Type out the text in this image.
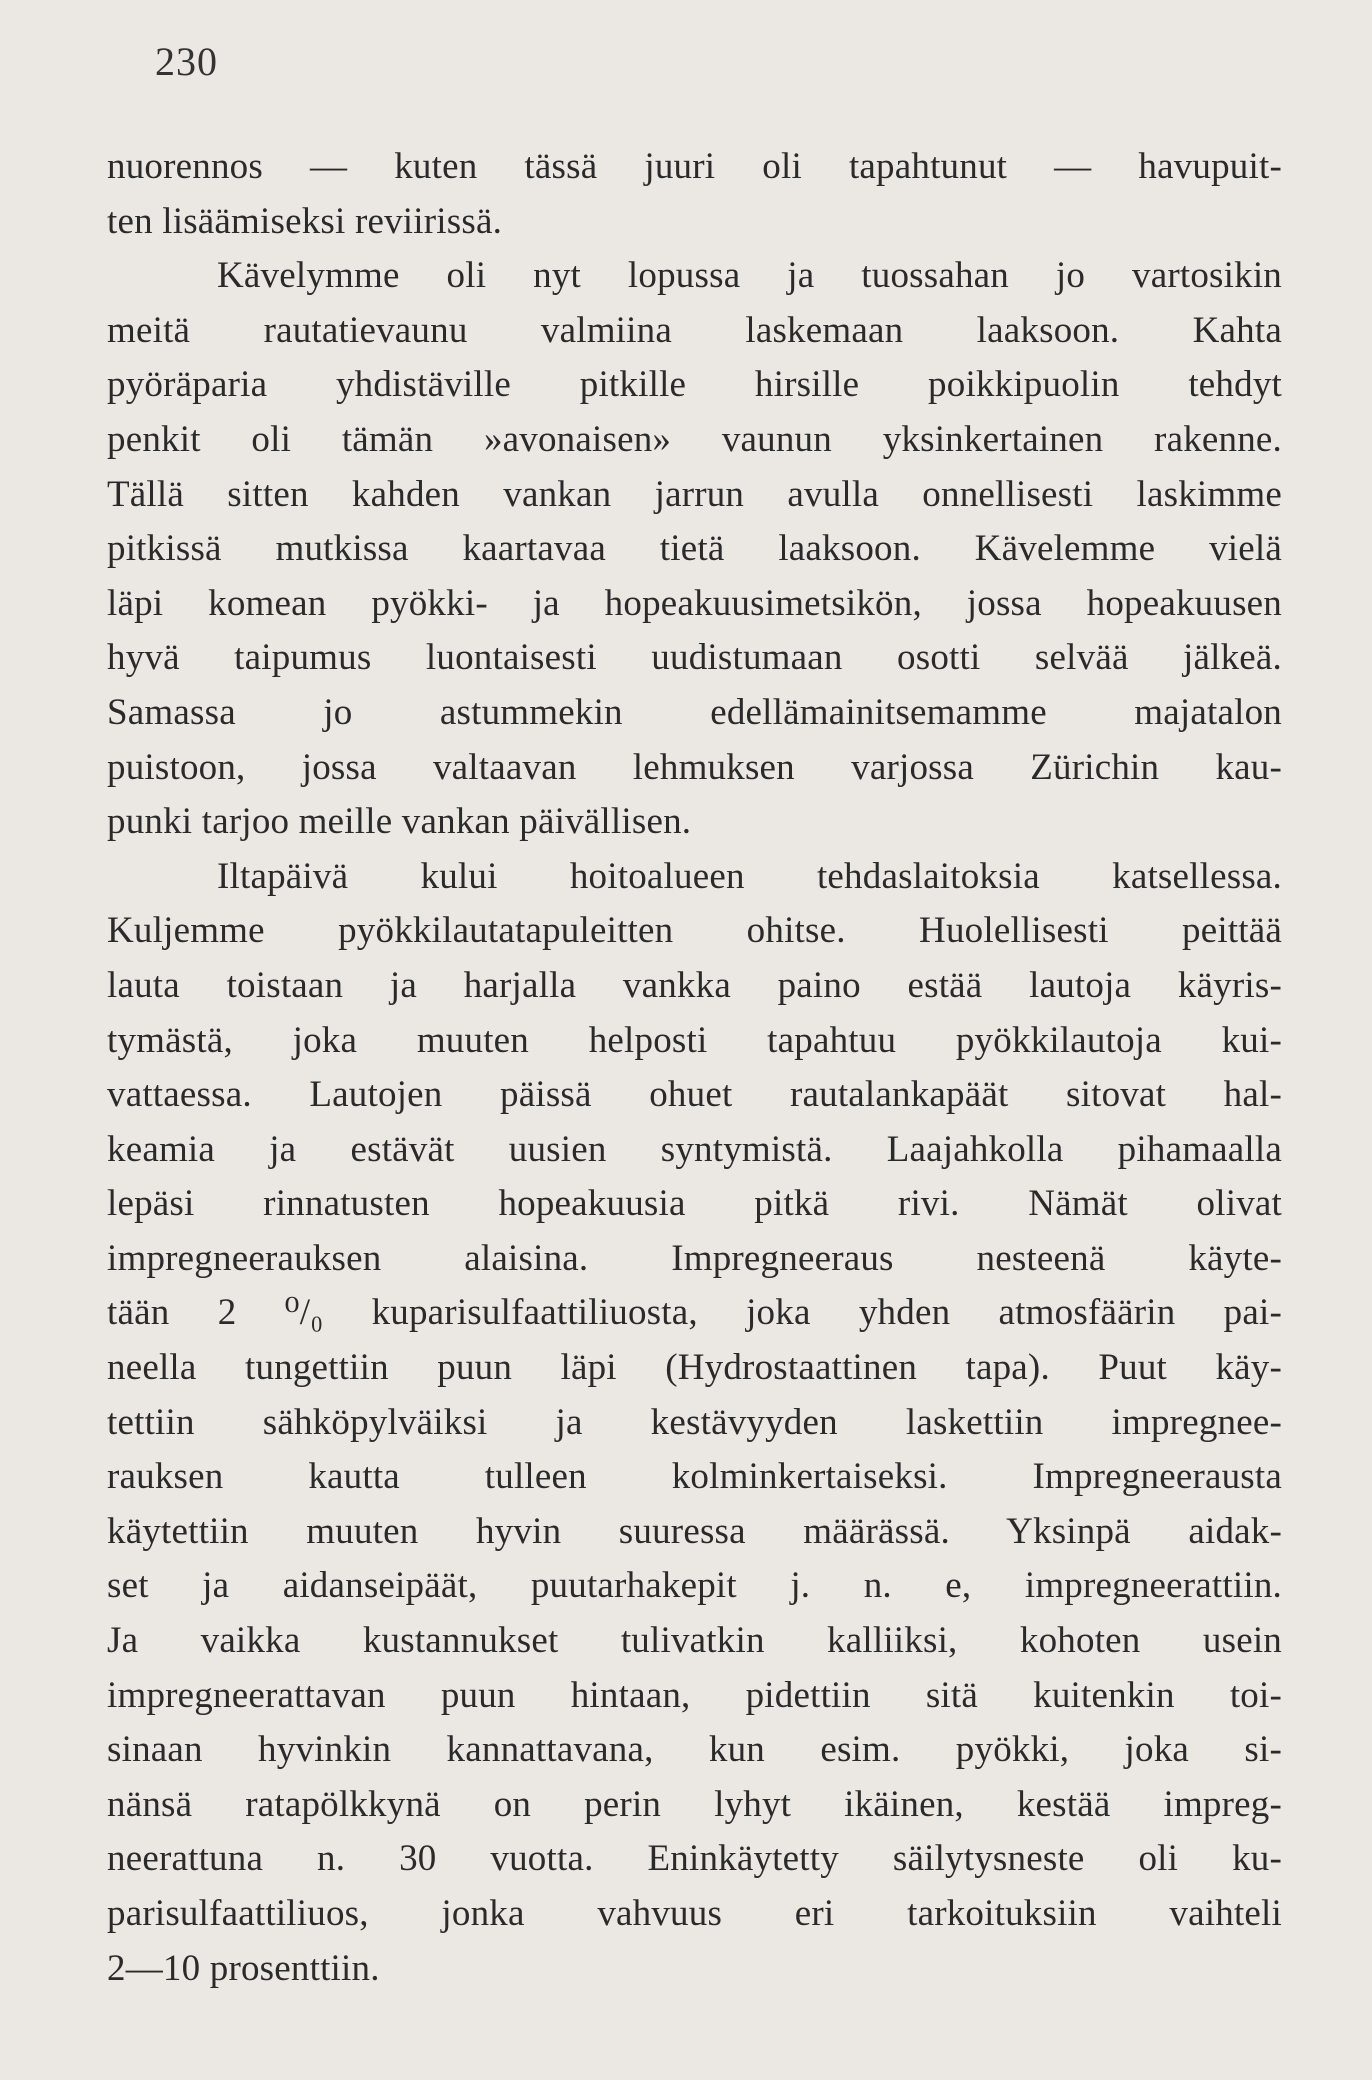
230
nuorennos — kuten tässä juuri oli tapahtunut — havupuit-
ten lisäämiseksi reviirissä.
Kävelymme oli nyt lopussa ja tuossahan jo vartosikin
meitä rautatievaunu valmiina laskemaan laaksoon. Kahta
pyöräparia yhdistäville pitkille hirsille poikkipuolin tehdyt
penkit oli tämän »avonaisen» vaunun yksinkertainen rakenne.
Tällä sitten kahden vankan jarrun avulla onnellisesti laskimme
pitkissä mutkissa kaartavaa tietä laaksoon. Kävelemme vielä
läpi komean pyökki- ja hopeakuusimetsikön, jossa hopeakuusen
hyvä taipumus luontaisesti uudistumaan osotti selvää jälkeä.
Samassa jo astummekin edellämainitsemamme majatalon
puistoon, jossa valtaavan lehmuksen varjossa Zürichin kau-
punki tarjoo meille vankan päivällisen.
Iltapäivä kului hoitoalueen tehdaslaitoksia katsellessa.
Kuljemme pyökkilautatapuleitten ohitse. Huolellisesti peittää
lauta toistaan ja harjalla vankka paino estää lautoja käyris-
tymästä, joka muuten helposti tapahtuu pyökkilautoja kui-
vattaessa. Lautojen päissä ohuet rautalankapäät sitovat hal-
keamia ja estävät uusien syntymistä. Laajahkolla pihamaalla
lepäsi rinnatusten hopeakuusia pitkä rivi. Nämät olivat
impregneerauksen alaisina. Impregneeraus nesteenä käyte-
tään 2 ⁰/₀ kuparisulfaattiliuosta, joka yhden atmosfäärin pai-
neella tungettiin puun läpi (Hydrostaattinen tapa). Puut käy-
tettiin sähköpylväiksi ja kestävyyden laskettiin impregnee-
rauksen kautta tulleen kolminkertaiseksi. Impregneerausta
käytettiin muuten hyvin suuressa määrässä. Yksinpä aidak-
set ja aidanseipäät, puutarhakepit j. n. e, impregneerattiin.
Ja vaikka kustannukset tulivatkin kalliiksi, kohoten usein
impregneerattavan puun hintaan, pidettiin sitä kuitenkin toi-
sinaan hyvinkin kannattavana, kun esim. pyökki, joka si-
nänsä ratapölkkynä on perin lyhyt ikäinen, kestää impreg-
neerattuna n. 30 vuotta. Eninkäytetty säilytysneste oli ku-
parisulfaattiliuos, jonka vahvuus eri tarkoituksiin vaihteli
2—10 prosenttiin.
